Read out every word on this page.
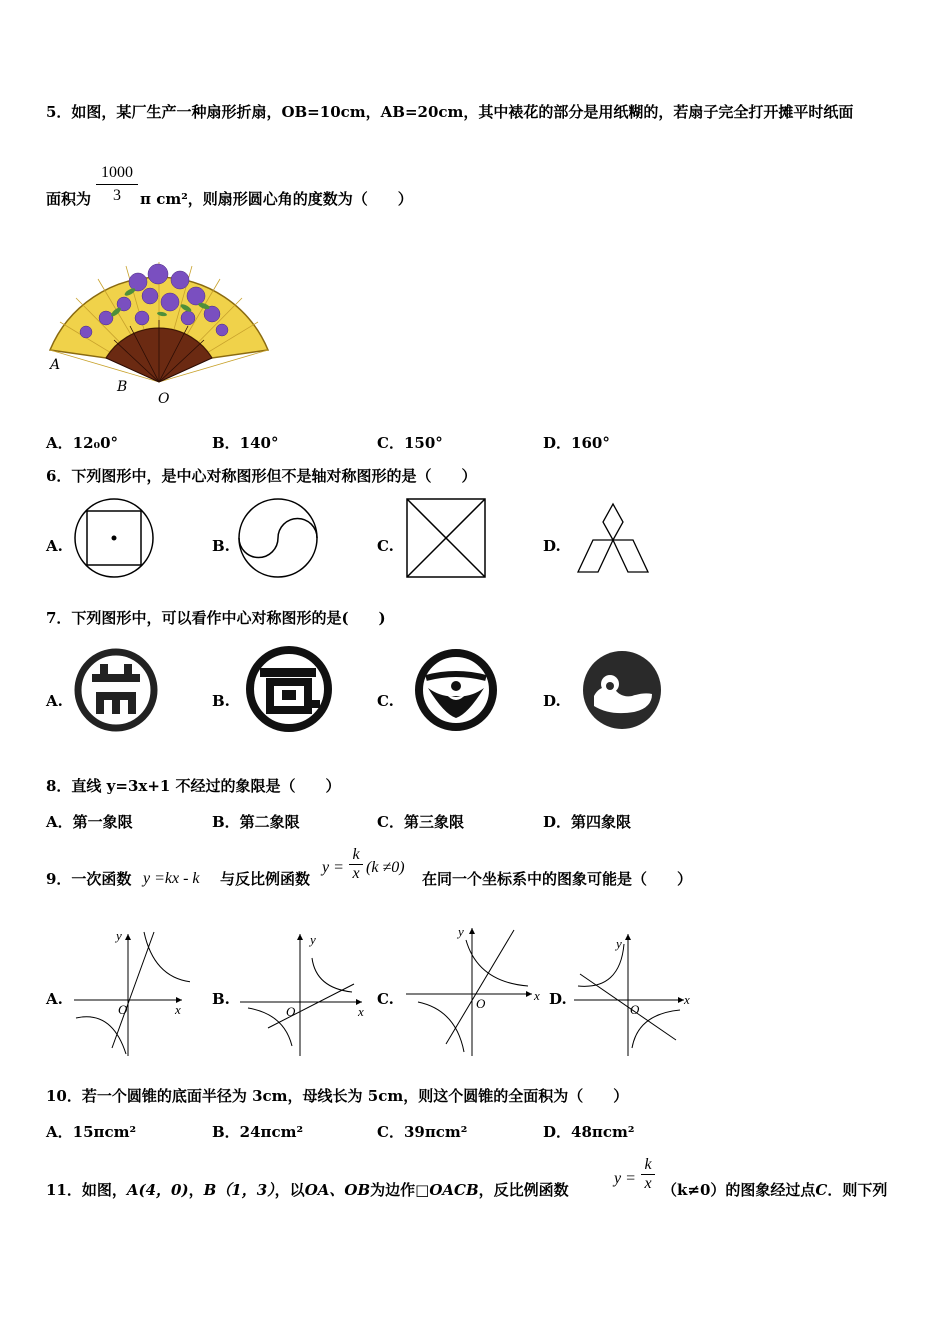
5．如图，某厂生产一种扇形折扇，OB=10cm，AB=20cm，其中裱花的部分是用纸糊的，若扇子完全打开摊平时纸面
面积为
1000
3	π cm²，则扇形圆心角的度数为（　　）
A
B
O
A．12₀0°	B．140°	C．150°	D．160°
6．下列图形中，是中心对称图形但不是轴对称图形的是（　　）
A.	B.	C.	D.
7．下列图形中，可以看作中心对称图形的是(　　)
A.	B.	C.	D.
8．直线 y=3x+1 不经过的象限是（　　）
A．第一象限	B．第二象限	C．第三象限	D．第四象限
9．一次函数 y =kx - k 与反比例函数
y =
k
x (k ≠0)
在同一个坐标系中的图象可能是（　　）
A.
y
x
O
B.
y
x
O
C.
y
x
O	D.
y
x
O
10．若一个圆锥的底面半径为 3cm，母线长为 5cm，则这个圆锥的全面积为（　　）
A．15πcm²	B．24πcm²	C．39πcm²	D．48πcm²
11．如图，A(4，0)，B（1，3），以OA、OB为边作□OACB，反比例函数
y =
k
x （k≠0）的图象经过点C．则下列
